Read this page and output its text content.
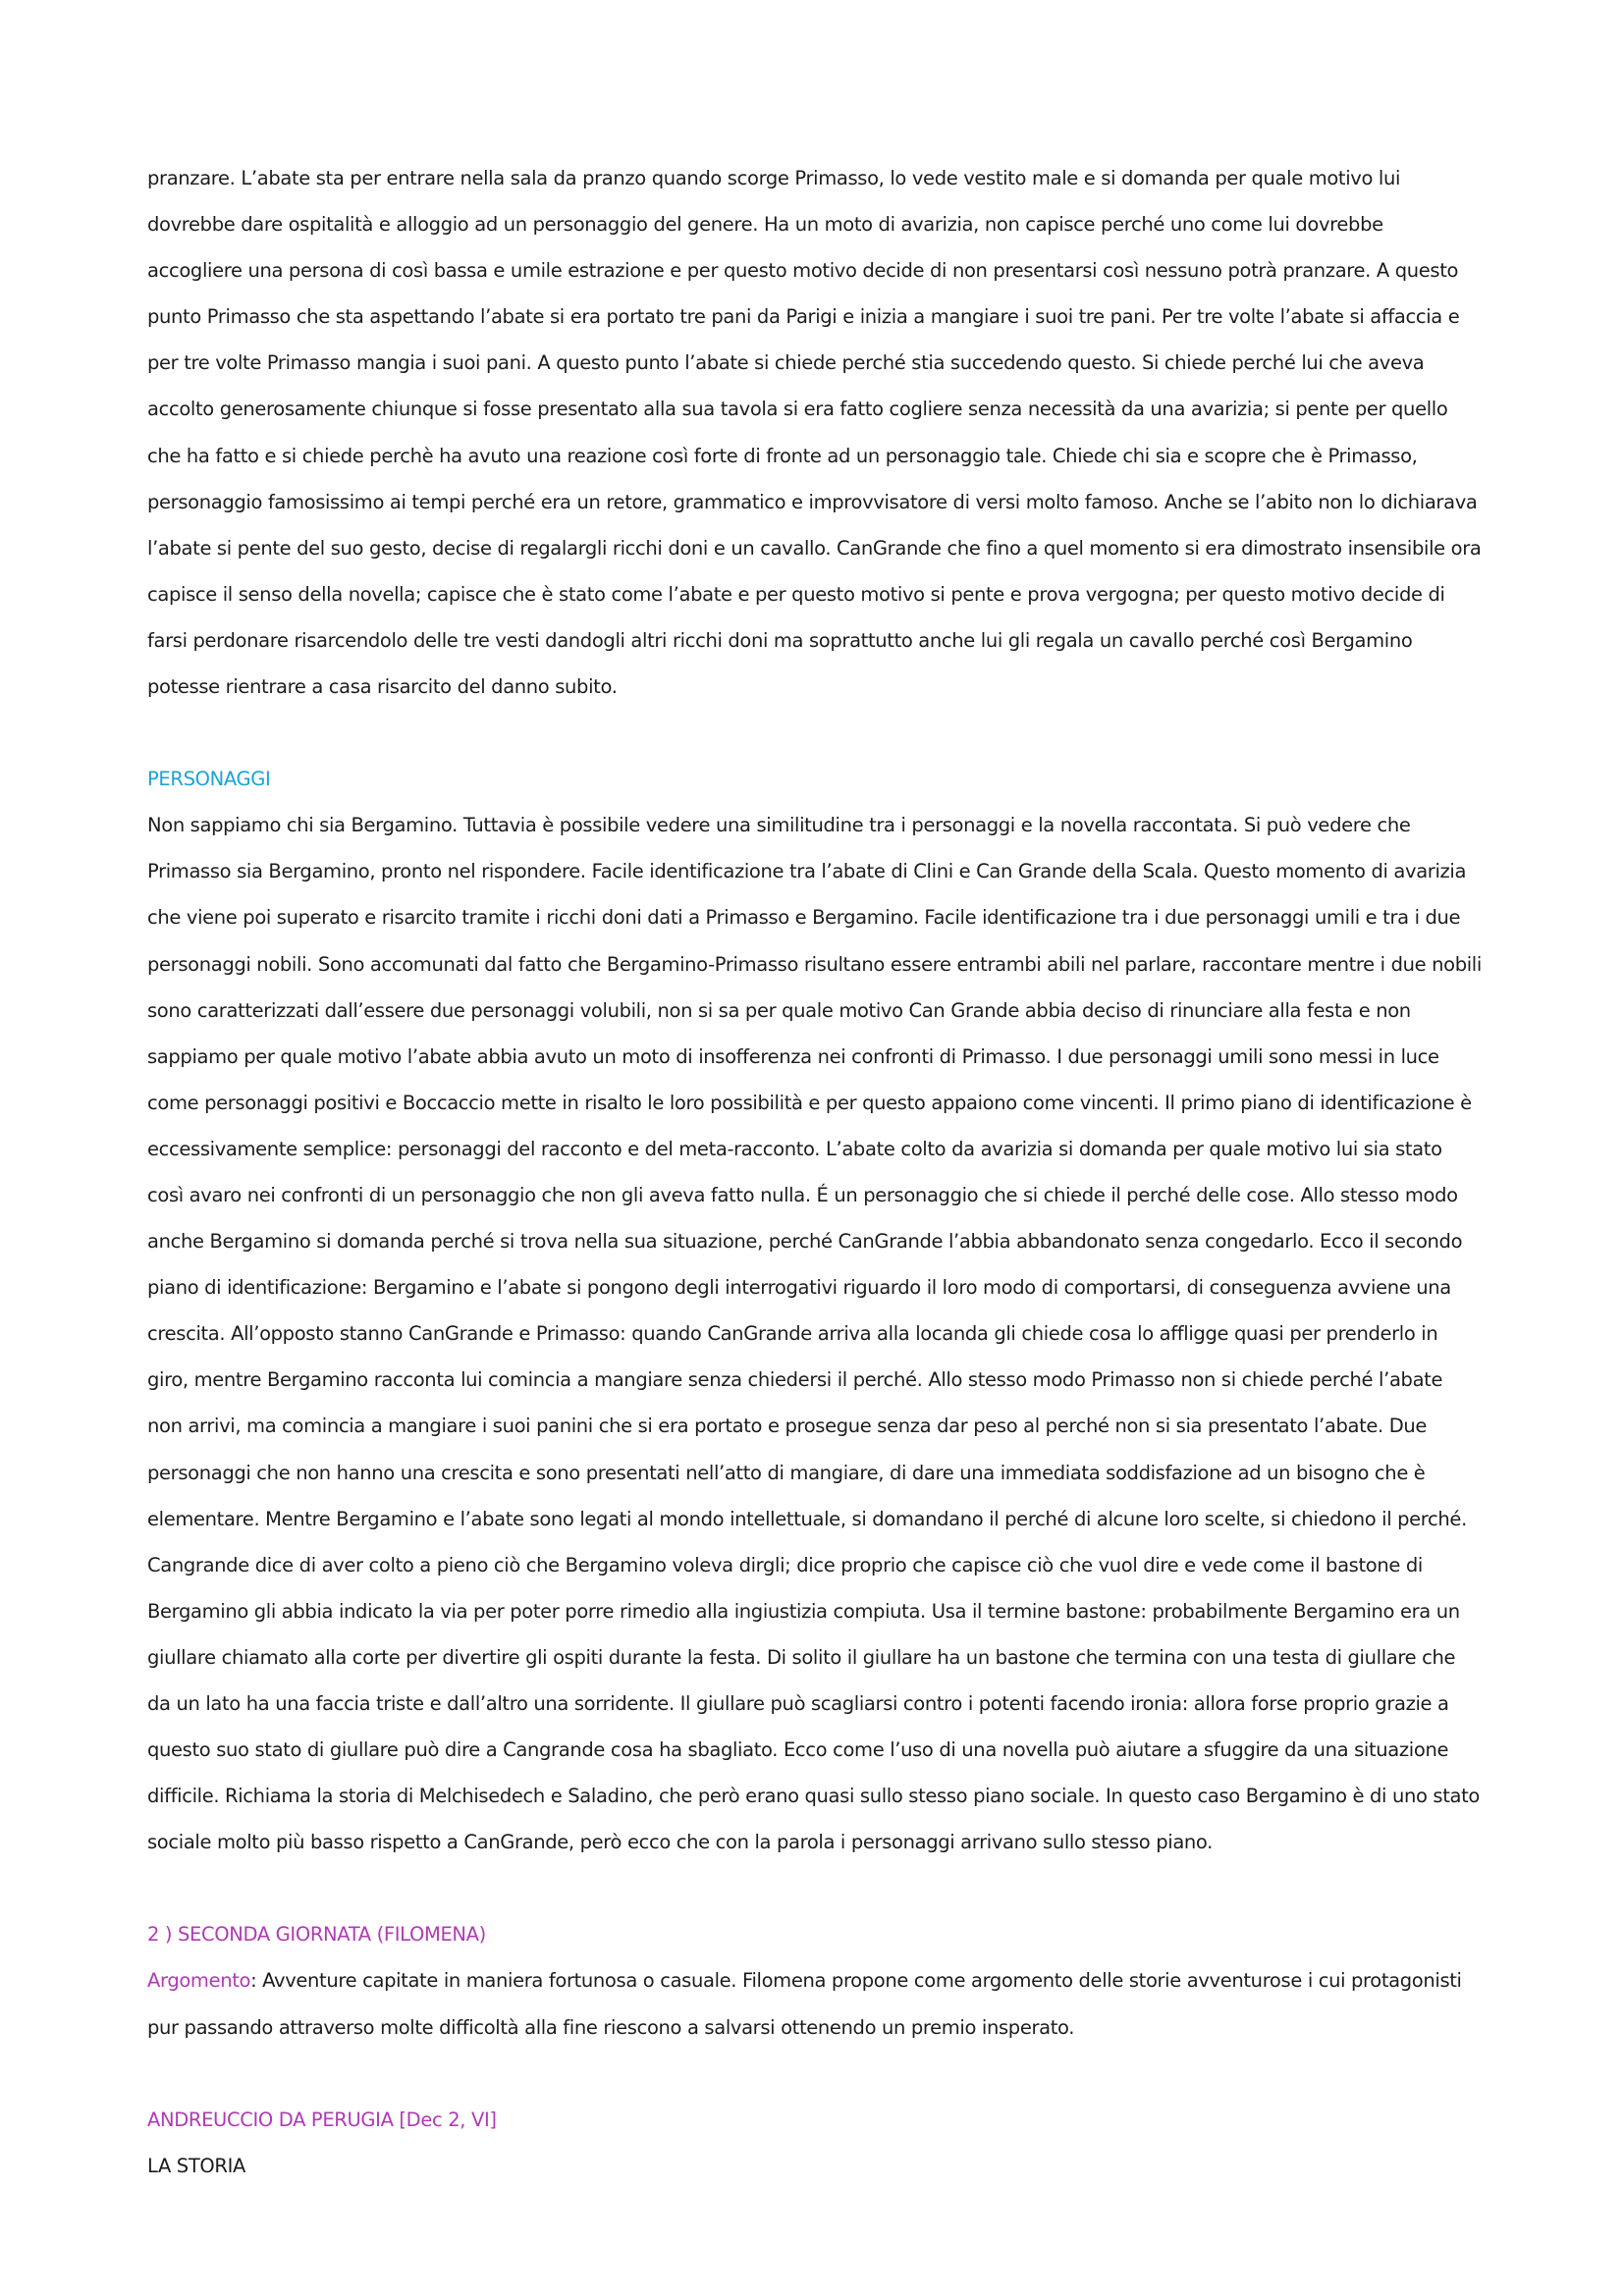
pranzare. L’abate sta per entrare nella sala da pranzo quando scorge Primasso, lo vede vestito male e si domanda per quale motivo lui dovrebbe dare ospitalità e alloggio ad un personaggio del genere. Ha un moto di avarizia, non capisce perché uno come lui dovrebbe accogliere una persona di così bassa e umile estrazione e per questo motivo decide di non presentarsi così nessuno potrà pranzare. A questo punto Primasso che sta aspettando l’abate si era portato tre pani da Parigi e inizia a mangiare i suoi tre pani. Per tre volte l’abate si affaccia e per tre volte Primasso mangia i suoi pani. A questo punto l’abate si chiede perché stia succedendo questo. Si chiede perché lui che aveva accolto generosamente chiunque si fosse presentato alla sua tavola si era fatto cogliere senza necessità da una avarizia; si pente per quello che ha fatto e si chiede perchè ha avuto una reazione così forte di fronte ad un personaggio tale. Chiede chi sia e scopre che è Primasso, personaggio famosissimo ai tempi perché era un retore, grammatico e improvvisatore di versi molto famoso. Anche se l’abito non lo dichiarava l’abate si pente del suo gesto, decise di regalargli ricchi doni e un cavallo. CanGrande che fino a quel momento si era dimostrato insensibile ora capisce il senso della novella; capisce che è stato come l’abate e per questo motivo si pente e prova vergogna; per questo motivo decide di farsi perdonare risarcendolo delle tre vesti dandogli altri ricchi doni ma soprattutto anche lui gli regala un cavallo perché così Bergamino potesse rientrare a casa risarcito del danno subito.

PERSONAGGI

Non sappiamo chi sia Bergamino. Tuttavia è possibile vedere una similitudine tra i personaggi e la novella raccontata. Si può vedere che Primasso sia Bergamino, pronto nel rispondere. Facile identificazione tra l’abate di Clini e Can Grande della Scala. Questo momento di avarizia che viene poi superato e risarcito tramite i ricchi doni dati a Primasso e Bergamino. Facile identificazione tra i due personaggi umili e tra i due personaggi nobili. Sono accomunati dal fatto che Bergamino-Primasso risultano essere entrambi abili nel parlare, raccontare mentre i due nobili sono caratterizzati dall’essere due personaggi volubili, non si sa per quale motivo Can Grande abbia deciso di rinunciare alla festa e non sappiamo per quale motivo l’abate abbia avuto un moto di insofferenza nei confronti di Primasso. I due personaggi umili sono messi in luce come personaggi positivi e Boccaccio mette in risalto le loro possibilità e per questo appaiono come vincenti. Il primo piano di identificazione è eccessivamente semplice: personaggi del racconto e del meta-racconto. L’abate colto da avarizia si domanda per quale motivo lui sia stato così avaro nei confronti di un personaggio che non gli aveva fatto nulla. É un personaggio che si chiede il perché delle cose. Allo stesso modo anche Bergamino si domanda perché si trova nella sua situazione, perché CanGrande l’abbia abbandonato senza congedarlo. Ecco il secondo piano di identificazione: Bergamino e l’abate si pongono degli interrogativi riguardo il loro modo di comportarsi, di conseguenza avviene una crescita. All’opposto stanno CanGrande e Primasso: quando CanGrande arriva alla locanda gli chiede cosa lo affligge quasi per prenderlo in giro, mentre Bergamino racconta lui comincia a mangiare senza chiedersi il perché. Allo stesso modo Primasso non si chiede perché l’abate non arrivi, ma comincia a mangiare i suoi panini che si era portato e prosegue senza dar peso al perché non si sia presentato l’abate. Due personaggi che non hanno una crescita e sono presentati nell’atto di mangiare, di dare una immediata soddisfazione ad un bisogno che è elementare. Mentre Bergamino e l’abate sono legati al mondo intellettuale, si domandano il perché di alcune loro scelte, si chiedono il perché.

Cangrande dice di aver colto a pieno ciò che Bergamino voleva dirgli; dice proprio che capisce ciò che vuol dire e vede come il bastone di Bergamino gli abbia indicato la via per poter porre rimedio alla ingiustizia compiuta. Usa il termine bastone: probabilmente Bergamino era un giullare chiamato alla corte per divertire gli ospiti durante la festa. Di solito il giullare ha un bastone che termina con una testa di giullare che da un lato ha una faccia triste e dall’altro una sorridente. Il giullare può scagliarsi contro i potenti facendo ironia: allora forse proprio grazie a questo suo stato di giullare può dire a Cangrande cosa ha sbagliato. Ecco come l’uso di una novella può aiutare a sfuggire da una situazione difficile. Richiama la storia di Melchisedech e Saladino, che però erano quasi sullo stesso piano sociale. In questo caso Bergamino è di uno stato sociale molto più basso rispetto a CanGrande, però ecco che con la parola i personaggi arrivano sullo stesso piano.

2 ) SECONDA GIORNATA (FILOMENA)

Argomento: Avventure capitate in maniera fortunosa o casuale. Filomena propone come argomento delle storie avventurose i cui protagonisti pur passando attraverso molte difficoltà alla fine riescono a salvarsi ottenendo un premio insperato.

ANDREUCCIO DA PERUGIA [Dec 2, VI]

LA STORIA
